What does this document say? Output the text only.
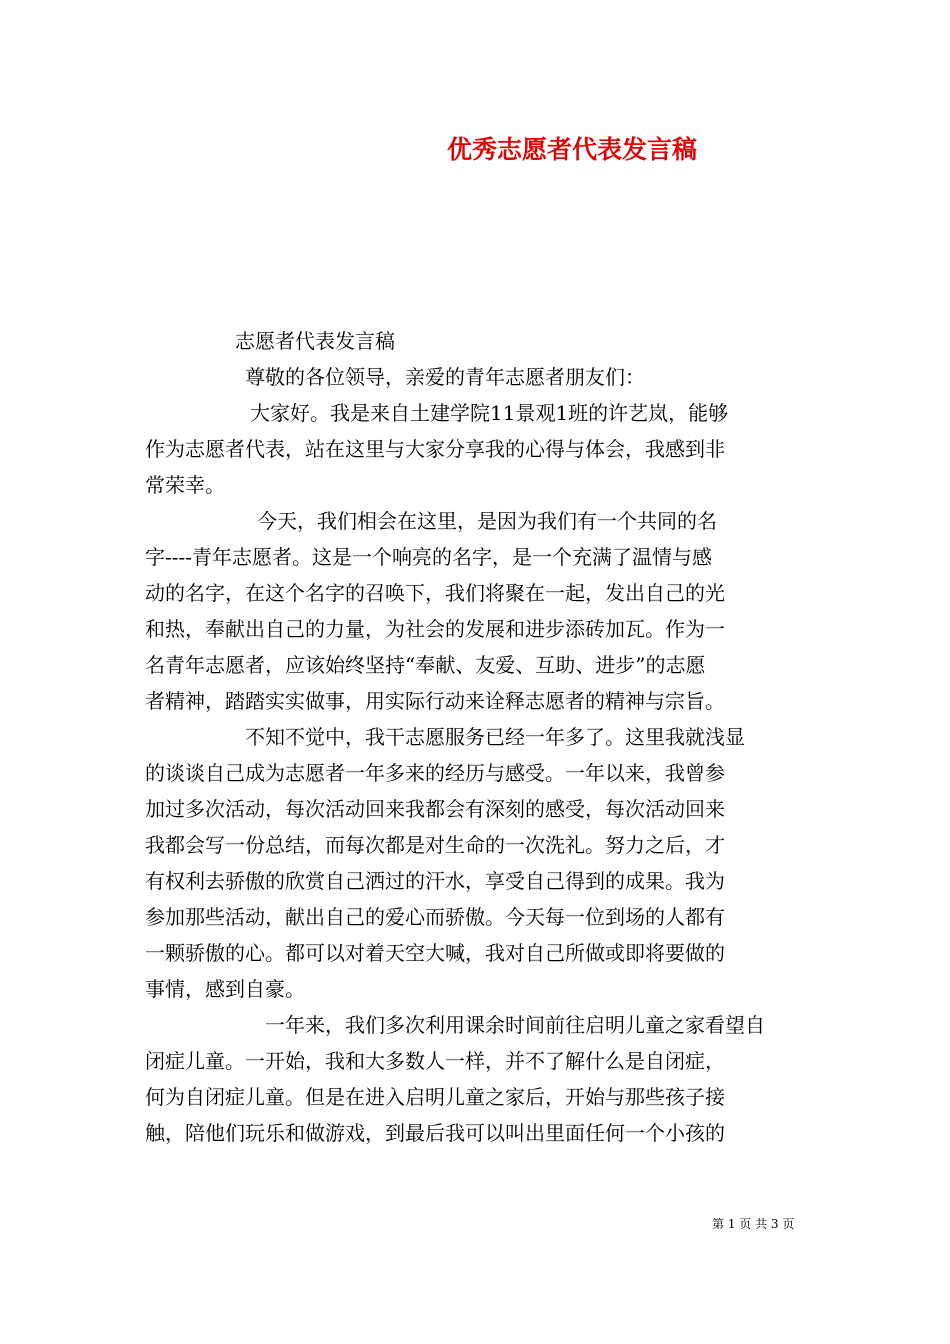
优秀志愿者代表发言稿

志愿者代表发言稿

尊敬的各位领导，亲爱的青年志愿者朋友们：

大家好。我是来自土建学院11景观1班的许艺岚，能够
作为志愿者代表，站在这里与大家分享我的心得与体会，我感到非
常荣幸。
今天，我们相会在这里，是因为我们有一个共同的名
字----青年志愿者。这是一个响亮的名字，是一个充满了温情与感
动的名字，在这个名字的召唤下，我们将聚在一起，发出自己的光
和热，奉献出自己的力量，为社会的发展和进步添砖加瓦。作为一
名青年志愿者，应该始终坚持“奉献、友爱、互助、进步”的志愿
者精神，踏踏实实做事，用实际行动来诠释志愿者的精神与宗旨。
不知不觉中，我干志愿服务已经一年多了。这里我就浅显
的谈谈自己成为志愿者一年多来的经历与感受。一年以来，我曾参
加过多次活动，每次活动回来我都会有深刻的感受，每次活动回来
我都会写一份总结，而每次都是对生命的一次洗礼。努力之后，才
有权利去骄傲的欣赏自己洒过的汗水，享受自己得到的成果。我为
参加那些活动，献出自己的爱心而骄傲。今天每一位到场的人都有
一颗骄傲的心。都可以对着天空大喊，我对自己所做或即将要做的
事情，感到自豪。
一年来，我们多次利用课余时间前往启明儿童之家看望自
闭症儿童。一开始，我和大多数人一样，并不了解什么是自闭症，
何为自闭症儿童。但是在进入启明儿童之家后，开始与那些孩子接
触，陪他们玩乐和做游戏，到最后我可以叫出里面任何一个小孩的
第 1 页 共 3 页
